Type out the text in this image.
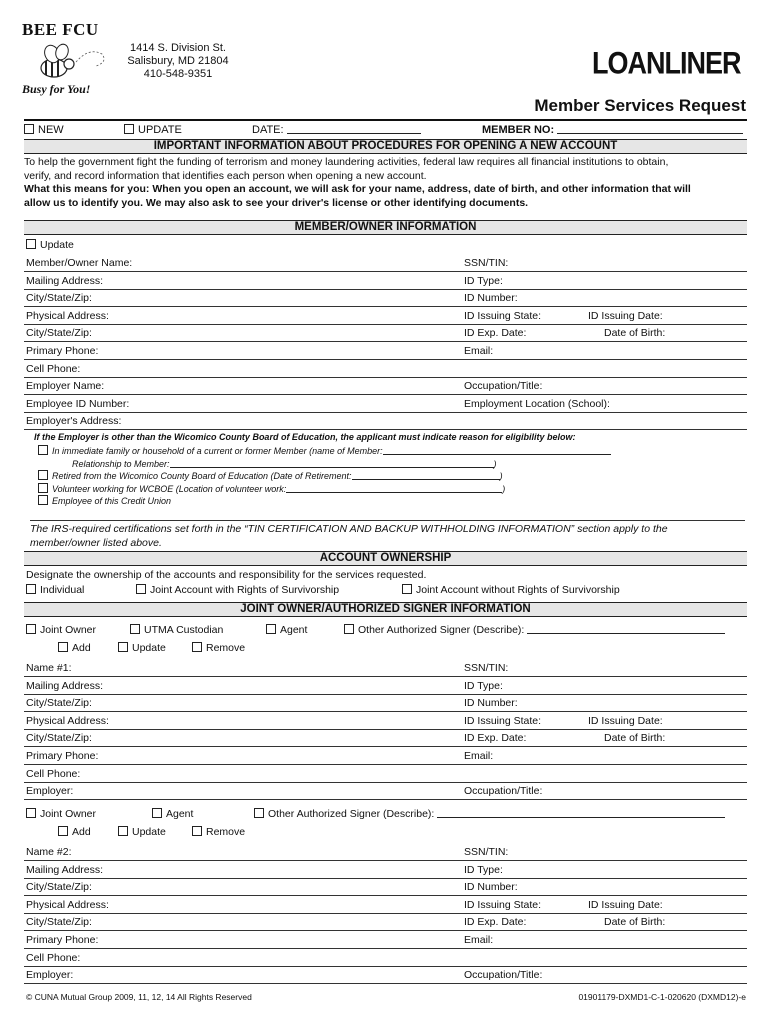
BEE FCU
Busy for You!
1414 S. Division St.
Salisbury, MD 21804
410-548-9351	LOANLINER
Member Services Request
NEW	UPDATE	DATE:	MEMBER NO:
IMPORTANT INFORMATION ABOUT PROCEDURES FOR OPENING A NEW ACCOUNT
To help the government fight the funding of terrorism and money laundering activities, federal law requires all financial institutions to obtain,
verify, and record information that identifies each person when opening a new account.
What this means for you: When you open an account, we will ask for your name, address, date of birth, and other information that will
allow us to identify you. We may also ask to see your driver's license or other identifying documents.
MEMBER/OWNER INFORMATION
Update
Member/Owner Name:	SSN/TIN:
Mailing Address:	ID Type:
City/State/Zip:	ID Number:
Physical Address:	ID Issuing State:	ID Issuing Date:
City/State/Zip:	ID Exp. Date:	Date of Birth:
Primary Phone:	Email:
Cell Phone:
Employer Name:	Occupation/Title:
Employee ID Number:	Employment Location (School):
Employer's Address:
If the Employer is other than the Wicomico County Board of Education, the applicant must indicate reason for eligibility below:
In immediate family or household of a current or former Member (name of Member:
Relationship to Member:	)
Retired from the Wicomico County Board of Education (Date of Retirement:	)
Volunteer working for WCBOE (Location of volunteer work:	)
Employee of this Credit Union
The IRS-required certifications set forth in the “TIN CERTIFICATION AND BACKUP WITHHOLDING INFORMATION” section apply to the
member/owner listed above.
ACCOUNT OWNERSHIP
Designate the ownership of the accounts and responsibility for the services requested.
Individual	Joint Account with Rights of Survivorship	Joint Account without Rights of Survivorship
JOINT OWNER/AUTHORIZED SIGNER INFORMATION
Joint Owner	UTMA Custodian	Agent	Other Authorized Signer (Describe):
Add	Update	Remove
Name #1:	SSN/TIN:
Mailing Address:	ID Type:
City/State/Zip:	ID Number:
Physical Address:	ID Issuing State:	ID Issuing Date:
City/State/Zip:	ID Exp. Date:	Date of Birth:
Primary Phone:	Email:
Cell Phone:
Employer:	Occupation/Title:
Joint Owner	Agent	Other Authorized Signer (Describe):
Add	Update	Remove
Name #2:	SSN/TIN:
Mailing Address:	ID Type:
City/State/Zip:	ID Number:
Physical Address:	ID Issuing State:	ID Issuing Date:
City/State/Zip:	ID Exp. Date:	Date of Birth:
Primary Phone:	Email:
Cell Phone:
Employer:	Occupation/Title:
© CUNA Mutual Group 2009, 11, 12, 14 All Rights Reserved	01901179-DXMD1-C-1-020620 (DXMD12)-e
